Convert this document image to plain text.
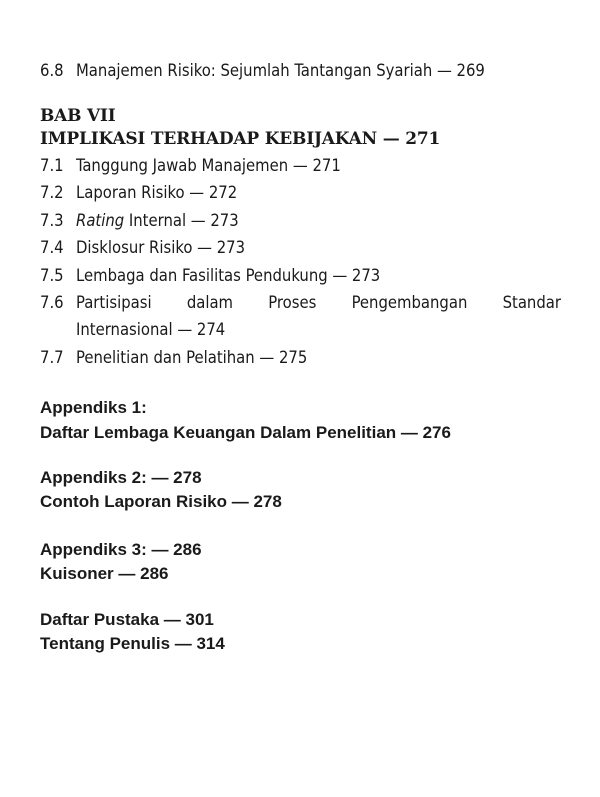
6.8 Manajemen Risiko: Sejumlah Tantangan Syariah — 269
BAB VII
IMPLIKASI TERHADAP KEBIJAKAN — 271
7.1 Tanggung Jawab Manajemen — 271
7.2 Laporan Risiko — 272
7.3 Rating Internal — 273
7.4 Disklosur Risiko — 273
7.5 Lembaga dan Fasilitas Pendukung — 273
7.6 Partisipasi dalam Proses Pengembangan Standar
Internasional — 274
7.7 Penelitian dan Pelatihan — 275
Appendiks 1:
Daftar Lembaga Keuangan Dalam Penelitian — 276
Appendiks 2: — 278
Contoh Laporan Risiko — 278
Appendiks 3: — 286
Kuisoner — 286
Daftar Pustaka — 301
Tentang Penulis — 314
